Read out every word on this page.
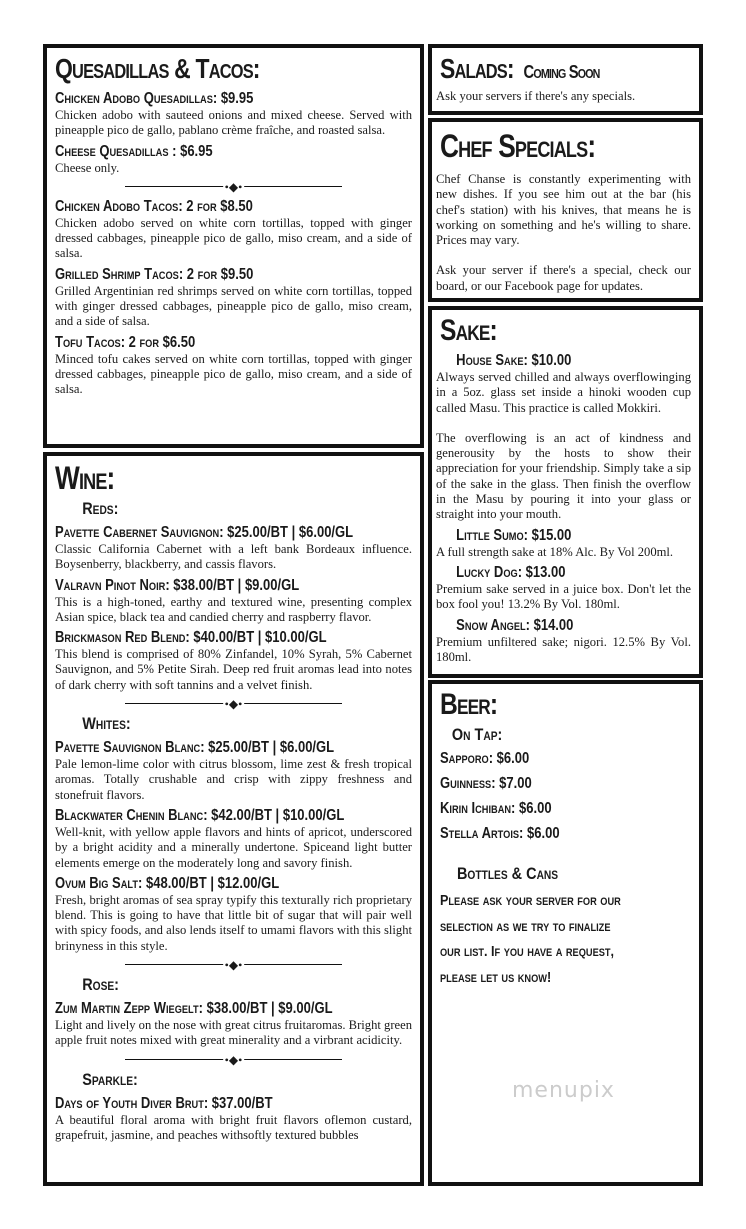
Quesadillas & Tacos:
Chicken Adobo Quesadillas: $9.95
Chicken adobo with sauteed onions and mixed cheese. Served with pineapple pico de gallo, pablano crème fraîche, and roasted salsa.
Cheese Quesadillas : $6.95
Cheese only.
•◆•
Chicken Adobo Tacos: 2 for $8.50
Chicken adobo served on white corn tortillas, topped with ginger dressed cabbages, pineapple pico de gallo, miso cream, and a side of salsa.
Grilled Shrimp Tacos: 2 for $9.50
Grilled Argentinian red shrimps served on white corn tortillas, topped with ginger dressed cabbages, pineapple pico de gallo, miso cream, and a side of salsa.
Tofu Tacos: 2 for $6.50
Minced tofu cakes served on white corn tortillas, topped with ginger dressed cabbages, pineapple pico de gallo, miso cream, and a side of salsa.
Wine:
Reds:
Pavette Cabernet Sauvignon: $25.00/BT | $6.00/GL
Classic California Cabernet with a left bank Bordeaux influence. Boysenberry, blackberry, and cassis flavors.
Valravn Pinot Noir: $38.00/BT | $9.00/GL
This is a high-toned, earthy and textured wine, presenting complex Asian spice, black tea and candied cherry and raspberry flavor.
Brickmason Red Blend: $40.00/BT | $10.00/GL
This blend is comprised of 80% Zinfandel, 10% Syrah, 5% Cabernet Sauvignon, and 5% Petite Sirah. Deep red fruit aromas lead into notes of dark cherry with soft tannins and a velvet finish.
•◆•
Whites:
Pavette Sauvignon Blanc: $25.00/BT | $6.00/GL
Pale lemon-lime color with citrus blossom, lime zest & fresh tropical aromas. Totally crushable and crisp with zippy freshness and stonefruit flavors.
Blackwater Chenin Blanc: $42.00/BT | $10.00/GL
Well-knit, with yellow apple flavors and hints of apricot, underscored by a bright acidity and a minerally undertone. Spiceand light butter elements emerge on the moderately long and savory finish.
Ovum Big Salt: $48.00/BT | $12.00/GL
Fresh, bright aromas of sea spray typify this texturally rich proprietary blend. This is going to have that little bit of sugar that will pair well with spicy foods, and also lends itself to umami flavors with this slight brinyness in this style.
•◆•
Rose:
Zum Martin Zepp Wiegelt: $38.00/BT | $9.00/GL
Light and lively on the nose with great citrus fruitaromas. Bright green apple fruit notes mixed with great minerality and a virbrant acidicity.
•◆•
Sparkle:
Days of Youth Diver Brut: $37.00/BT
A beautiful floral aroma with bright fruit flavors oflemon custard, grapefruit, jasmine, and peaches withsoftly textured bubbles
Salads: Coming Soon
Ask your servers if there's any specials.
Chef Specials:
Chef Chanse is constantly experimenting with new dishes. If you see him out at the bar (his chef's station) with his knives, that means he is working on something and he's willing to share. Prices may vary.
Ask your server if there's a special, check our board, or our Facebook page for updates.
Sake:
House Sake: $10.00
Always served chilled and always overflowinging in a 5oz. glass set inside a hinoki wooden cup called Masu. This practice is called Mokkiri.
The overflowing is an act of kindness and generousity by the hosts to show their appreciation for your friendship. Simply take a sip of the sake in the glass. Then finish the overflow in the Masu by pouring it into your glass or straight into your mouth.
Little Sumo: $15.00
A full strength sake at 18% Alc. By Vol 200ml.
Lucky Dog: $13.00
Premium sake served in a juice box. Don't let the box fool you! 13.2% By Vol. 180ml.
Snow Angel: $14.00
Premium unfiltered sake; nigori. 12.5% By Vol. 180ml.
Beer:
On Tap:
Sapporo: $6.00
Guinness: $7.00
Kirin Ichiban: $6.00
Stella Artois: $6.00
Bottles & Cans
Please ask your server for our
selection as we try to finalize
our list. If you have a request,
please let us know!
menupix
